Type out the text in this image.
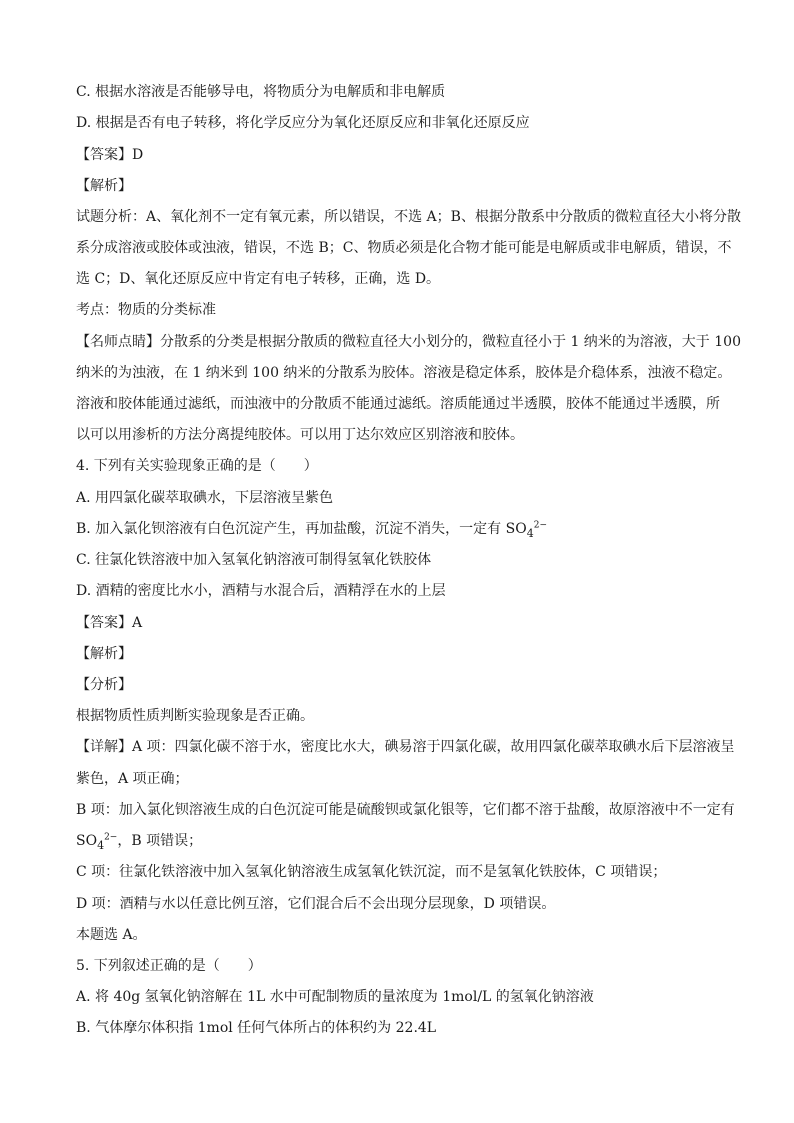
C. 根据水溶液是否能够导电，将物质分为电解质和非电解质
D. 根据是否有电子转移，将化学反应分为氧化还原反应和非氧化还原反应
【答案】D
【解析】
试题分析：A、氧化剂不一定有氧元素，所以错误，不选 A；B、根据分散系中分散质的微粒直径大小将分散
系分成溶液或胶体或浊液，错误，不选 B；C、物质必须是化合物才能可能是电解质或非电解质，错误，不
选 C；D、氧化还原反应中肯定有电子转移，正确，选 D。
考点：物质的分类标准
【名师点睛】分散系的分类是根据分散质的微粒直径大小划分的，微粒直径小于 1 纳米的为溶液，大于 100
纳米的为浊液，在 1 纳米到 100 纳米的分散系为胶体。溶液是稳定体系，胶体是介稳体系，浊液不稳定。
溶液和胶体能通过滤纸，而浊液中的分散质不能通过滤纸。溶质能通过半透膜，胶体不能通过半透膜，所
以可以用渗析的方法分离提纯胶体。可以用丁达尔效应区别溶液和胶体。
4. 下列有关实验现象正确的是（　　）
A. 用四氯化碳萃取碘水，下层溶液呈紫色
B. 加入氯化钡溶液有白色沉淀产生，再加盐酸，沉淀不消失，一定有 $SO_4^{2-}$
C. 往氯化铁溶液中加入氢氧化钠溶液可制得氢氧化铁胶体
D. 酒精的密度比水小，酒精与水混合后，酒精浮在水的上层
【答案】A
【解析】
【分析】
根据物质性质判断实验现象是否正确。
【详解】A 项：四氯化碳不溶于水，密度比水大，碘易溶于四氯化碳，故用四氯化碳萃取碘水后下层溶液呈
紫色，A 项正确；
B 项：加入氯化钡溶液生成的白色沉淀可能是硫酸钡或氯化银等，它们都不溶于盐酸，故原溶液中不一定有
$SO_4^{2-}$，B 项错误；
C 项：往氯化铁溶液中加入氢氧化钠溶液生成氢氧化铁沉淀，而不是氢氧化铁胶体，C 项错误；
D 项：酒精与水以任意比例互溶，它们混合后不会出现分层现象，D 项错误。
本题选 A。
5. 下列叙述正确的是（　　）
A. 将 40g 氢氧化钠溶解在 1L 水中可配制物质的量浓度为 1mol/L 的氢氧化钠溶液
B. 气体摩尔体积指 1mol 任何气体所占的体积约为 22.4L
